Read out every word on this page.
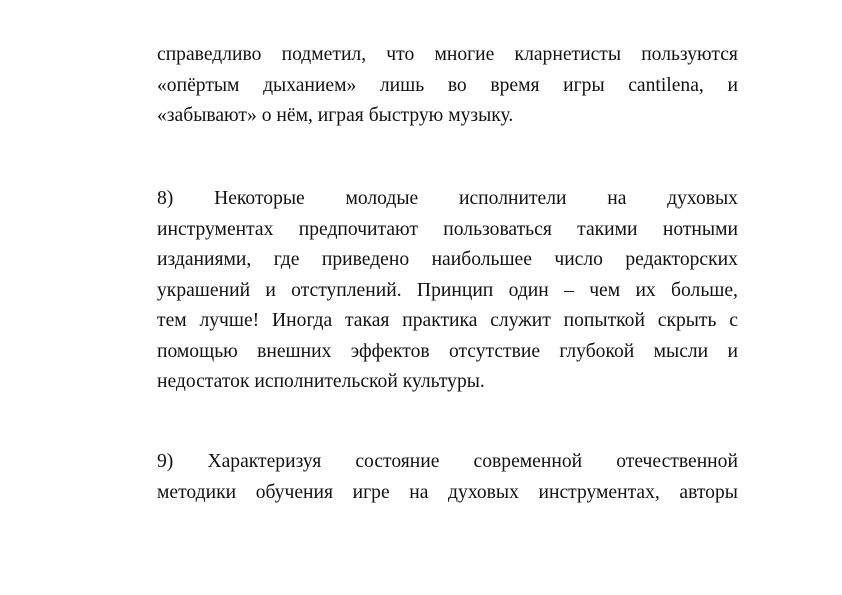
справедливо подметил, что многие кларнетисты пользуются
«опёртым дыханием» лишь во время игры cantilena, и
«забывают» о нём, играя быструю музыку.
8) Некоторые молодые исполнители на духовых
инструментах предпочитают пользоваться такими нотными
изданиями, где приведено наибольшее число редакторских
украшений и отступлений. Принцип один – чем их больше,
тем лучше! Иногда такая практика служит попыткой скрыть с
помощью внешних эффектов отсутствие глубокой мысли и
недостаток исполнительской культуры.
9) Характеризуя состояние современной отечественной
методики обучения игре на духовых инструментах, авторы
